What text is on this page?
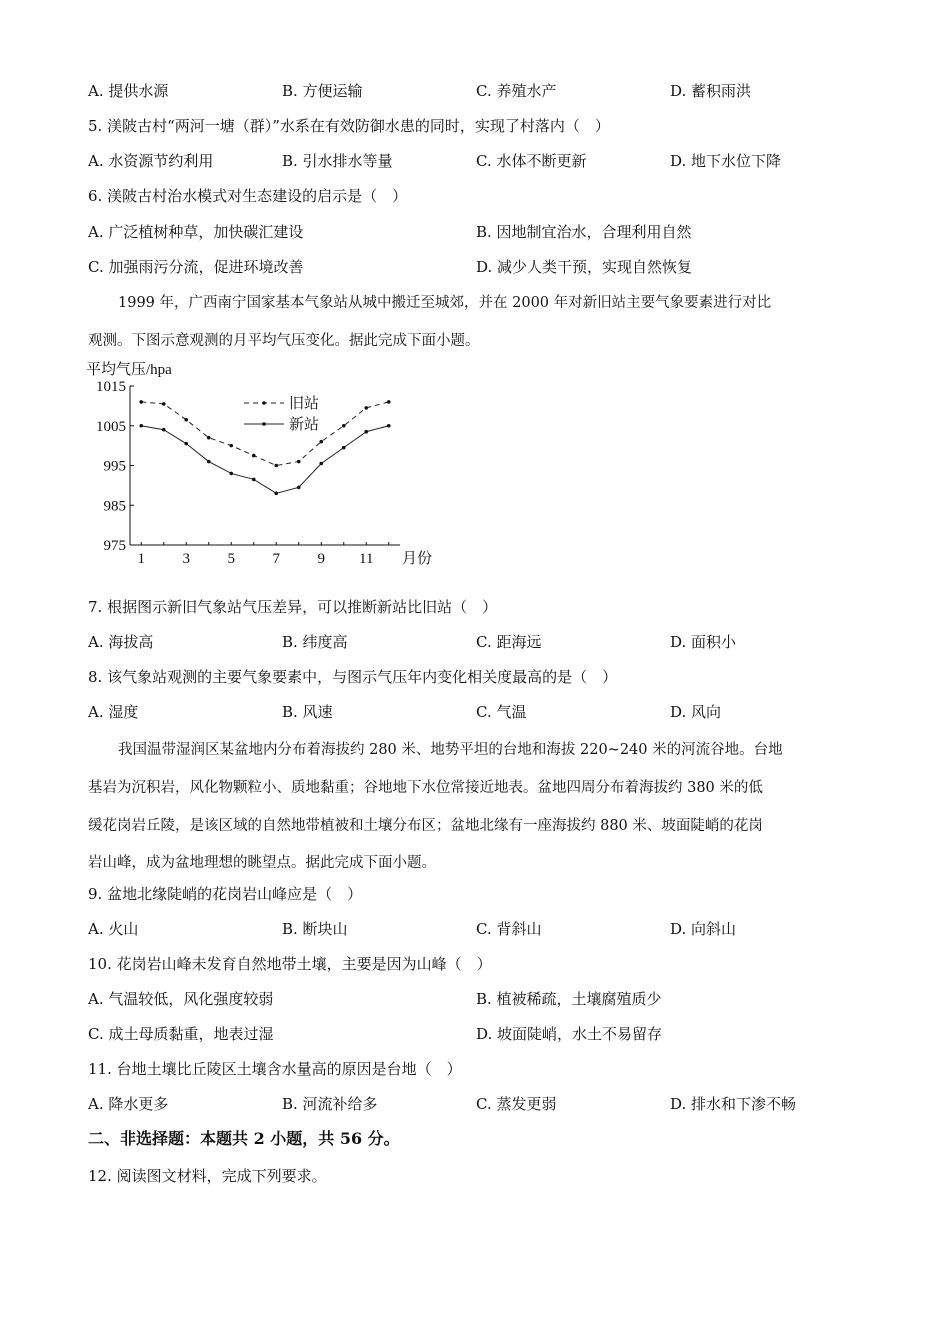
A. 提供水源	B. 方便运输	C. 养殖水产	D. 蓄积雨洪
5. 渼陂古村“两河一塘（群）”水系在有效防御水患的同时，实现了村落内（　）
A. 水资源节约利用	B. 引水排水等量	C. 水体不断更新	D. 地下水位下降
6. 渼陂古村治水模式对生态建设的启示是（　）
A. 广泛植树种草，加快碳汇建设	B. 因地制宜治水，合理利用自然
C. 加强雨污分流，促进环境改善	D. 减少人类干预，实现自然恢复
1999 年，广西南宁国家基本气象站从城中搬迁至城郊，并在 2000 年对新旧站主要气象要素进行对比
观测。下图示意观测的月平均气压变化。据此完成下面小题。
平均气压/hpa
1015
1005
995
985
975
1	3	5	7	9 11 月份
旧站
新站
7. 根据图示新旧气象站气压差异，可以推断新站比旧站（　）
A. 海拔高	B. 纬度高	C. 距海远	D. 面积小
8. 该气象站观测的主要气象要素中，与图示气压年内变化相关度最高的是（　）
A. 湿度	B. 风速	C. 气温	D. 风向
我国温带湿润区某盆地内分布着海拔约 280 米、地势平坦的台地和海拔 220~240 米的河流谷地。台地
基岩为沉积岩，风化物颗粒小、质地黏重；谷地地下水位常接近地表。盆地四周分布着海拔约 380 米的低
缓花岗岩丘陵，是该区域的自然地带植被和土壤分布区；盆地北缘有一座海拔约 880 米、坡面陡峭的花岗
岩山峰，成为盆地理想的眺望点。据此完成下面小题。
9. 盆地北缘陡峭的花岗岩山峰应是（　）
A. 火山	B. 断块山	C. 背斜山	D. 向斜山
10. 花岗岩山峰未发育自然地带土壤，主要是因为山峰（　）
A. 气温较低，风化强度较弱	B. 植被稀疏，土壤腐殖质少
C. 成土母质黏重，地表过湿	D. 坡面陡峭，水土不易留存
11. 台地土壤比丘陵区土壤含水量高的原因是台地（　）
A. 降水更多	B. 河流补给多	C. 蒸发更弱	D. 排水和下渗不畅
二、非选择题：本题共 2 小题，共 56 分。
12. 阅读图文材料，完成下列要求。
